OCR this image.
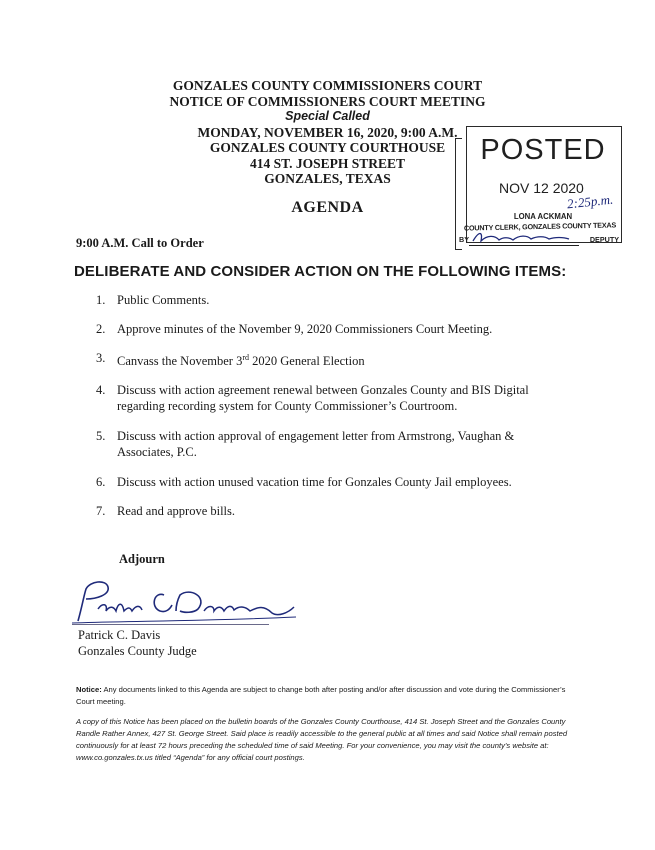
GONZALES COUNTY COMMISSIONERS COURT
NOTICE OF COMMISSIONERS COURT MEETING
Special Called
MONDAY, NOVEMBER 16, 2020, 9:00 A.M.
GONZALES COUNTY COURTHOUSE
414 ST. JOSEPH STREET
GONZALES, TEXAS
POSTED
NOV 12 2020
2:25p.m.
LONA ACKMAN
COUNTY CLERK, GONZALES COUNTY TEXAS
BY	DEPUTY
AGENDA
9:00 A.M. Call to Order
DELIBERATE AND CONSIDER ACTION ON THE FOLLOWING ITEMS:
1. Public Comments.
2. Approve minutes of the November 9, 2020 Commissioners Court Meeting.
3. Canvass the November 3rd 2020 General Election
4. Discuss with action agreement renewal between Gonzales County and BIS Digital regarding recording system for County Commissioner’s Courtroom.
5. Discuss with action approval of engagement letter from Armstrong, Vaughan & Associates, P.C.
6. Discuss with action unused vacation time for Gonzales County Jail employees.
7. Read and approve bills.
Adjourn
Patrick C. Davis
Gonzales County Judge
Notice: Any documents linked to this Agenda are subject to change both after posting and/or after discussion and vote during the Commissioner’s Court meeting.
A copy of this Notice has been placed on the bulletin boards of the Gonzales County Courthouse, 414 St. Joseph Street and the Gonzales County Randle Rather Annex, 427 St. George Street. Said place is readily accessible to the general public at all times and said Notice shall remain posted continuously for at least 72 hours preceding the scheduled time of said Meeting. For your convenience, you may visit the county’s website at: www.co.gonzales.tx.us titled “Agenda” for any official court postings.
